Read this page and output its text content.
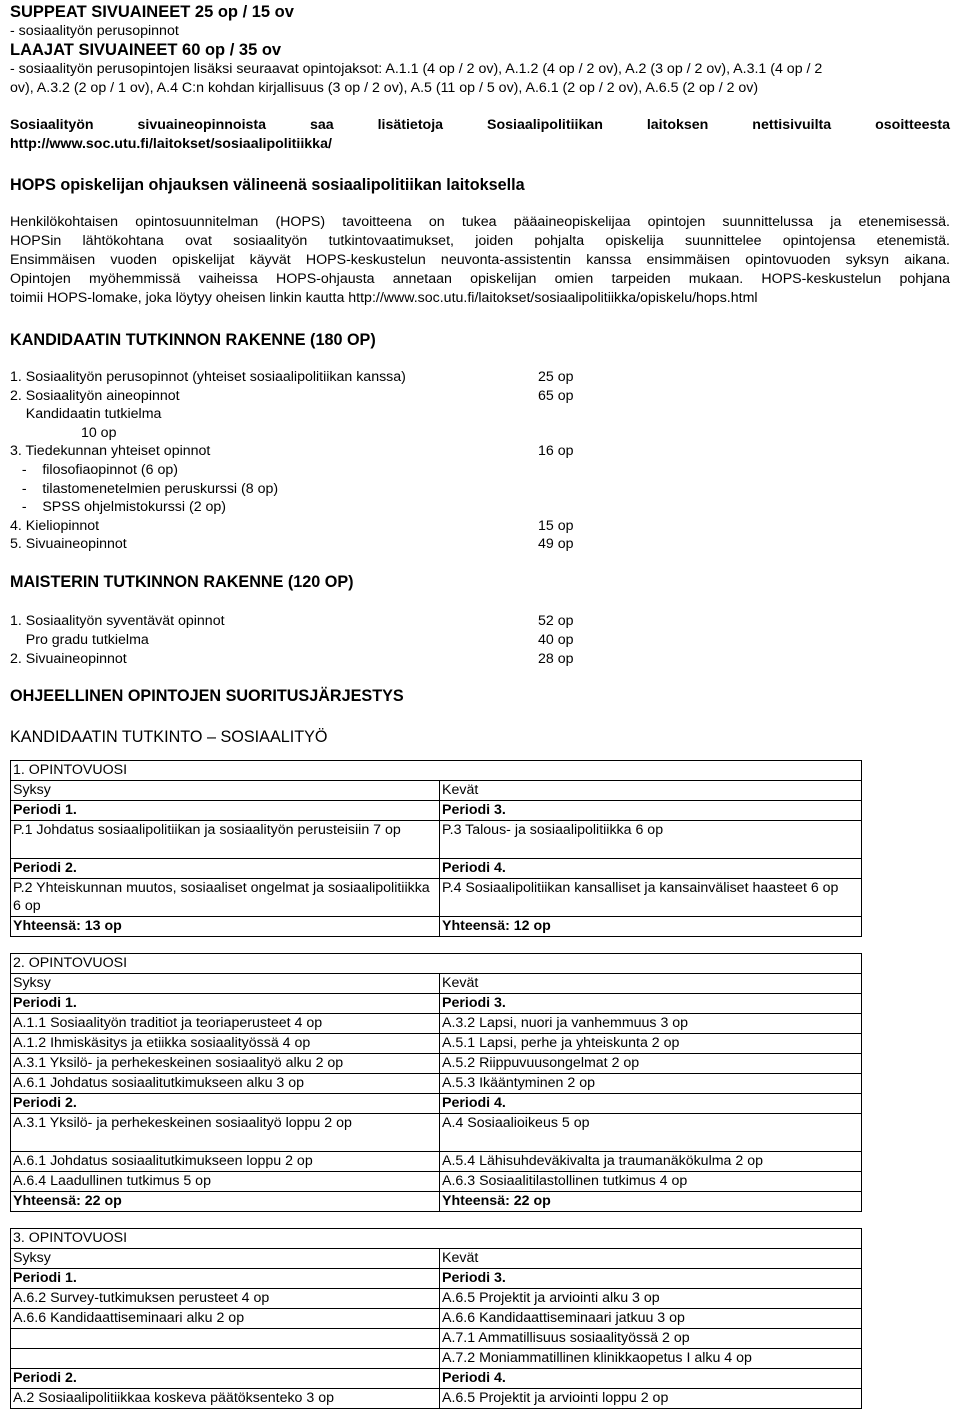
SUPPEAT SIVUAINEET 25 op / 15 ov
- sosiaalityön perusopinnot
LAAJAT SIVUAINEET 60 op / 35 ov
- sosiaalityön perusopintojen lisäksi seuraavat opintojaksot: A.1.1 (4 op / 2 ov), A.1.2 (4 op / 2 ov), A.2 (3 op / 2 ov), A.3.1 (4 op / 2
ov), A.3.2 (2 op / 1 ov), A.4 C:n kohdan kirjallisuus (3 op / 2 ov), A.5 (11 op / 5 ov), A.6.1 (2 op / 2 ov), A.6.5 (2 op / 2 ov)
Sosiaalityön sivuaineopinnoista saa lisätietoja Sosiaalipolitiikan laitoksen nettisivuilta osoitteesta
http://www.soc.utu.fi/laitokset/sosiaalipolitiikka/
HOPS opiskelijan ohjauksen välineenä sosiaalipolitiikan laitoksella
Henkilökohtaisen opintosuunnitelman (HOPS) tavoitteena on tukea pääaineopiskelijaa opintojen suunnittelussa ja etenemisessä.
HOPSin lähtökohtana ovat sosiaalityön tutkintovaatimukset, joiden pohjalta opiskelija suunnittelee opintojensa etenemistä.
Ensimmäisen vuoden opiskelijat käyvät HOPS-keskustelun neuvonta-assistentin kanssa ensimmäisen opintovuoden syksyn aikana.
Opintojen myöhemmissä vaiheissa HOPS-ohjausta annetaan opiskelijan omien tarpeiden mukaan. HOPS-keskustelun pohjana
toimii HOPS-lomake, joka löytyy oheisen linkin kautta http://www.soc.utu.fi/laitokset/sosiaalipolitiikka/opiskelu/hops.html
KANDIDAATIN TUTKINNON RAKENNE (180 OP)
1. Sosiaalityön perusopinnot (yhteiset sosiaalipolitiikan kanssa)	25 op
2. Sosiaalityön aineopinnot	65 op
Kandidaatin tutkielma
10 op
3. Tiedekunnan yhteiset opinnot	16 op
-    filosofiaopinnot (6 op)
-    tilastomenetelmien peruskurssi (8 op)
-    SPSS ohjelmistokurssi (2 op)
4. Kieliopinnot	15 op
5. Sivuaineopinnot	49 op
MAISTERIN TUTKINNON RAKENNE (120 OP)
1. Sosiaalityön syventävät opinnot	52 op
Pro gradu tutkielma	40 op
2. Sivuaineopinnot	28 op
OHJEELLINEN OPINTOJEN SUORITUSJÄRJESTYS
KANDIDAATIN TUTKINTO – SOSIAALITYÖ
1. OPINTOVUOSI	
Syksy	Kevät
Periodi 1.	Periodi 3.
P.1 Johdatus sosiaalipolitiikan ja sosiaalityön perusteisiin 7 op	P.3 Talous- ja sosiaalipolitiikka 6 op
Periodi 2.	Periodi 4.
P.2 Yhteiskunnan muutos, sosiaaliset ongelmat ja sosiaalipolitiikka 6 op	P.4 Sosiaalipolitiikan kansalliset ja kansainväliset haasteet 6 op
Yhteensä: 13 op	Yhteensä: 12 op
2. OPINTOVUOSI	
Syksy	Kevät
Periodi 1.	Periodi 3.
A.1.1 Sosiaalityön traditiot ja teoriaperusteet 4 op	A.3.2 Lapsi, nuori ja vanhemmuus 3 op
A.1.2 Ihmiskäsitys ja etiikka sosiaalityössä 4 op	A.5.1 Lapsi, perhe ja yhteiskunta 2 op
A.3.1 Yksilö- ja perhekeskeinen sosiaalityö alku 2 op	A.5.2 Riippuvuusongelmat 2 op
A.6.1 Johdatus sosiaalitutkimukseen alku 3 op	A.5.3 Ikääntyminen 2 op
Periodi 2.	Periodi 4.
A.3.1 Yksilö- ja perhekeskeinen sosiaalityö loppu 2 op	A.4 Sosiaalioikeus 5 op
A.6.1 Johdatus sosiaalitutkimukseen loppu 2 op	A.5.4 Lähisuhdeväkivalta ja traumanäkökulma 2 op
A.6.4 Laadullinen tutkimus 5 op	A.6.3 Sosiaalitilastollinen tutkimus 4 op
Yhteensä: 22 op	Yhteensä: 22 op
3. OPINTOVUOSI	
Syksy	Kevät
Periodi 1.	Periodi 3.
A.6.2 Survey-tutkimuksen perusteet 4 op	A.6.5 Projektit ja arviointi alku 3 op
A.6.6 Kandidaattiseminaari alku 2 op	A.6.6 Kandidaattiseminaari jatkuu 3 op
	A.7.1 Ammatillisuus sosiaalityössä 2 op
	A.7.2 Moniammatillinen klinikkaopetus I alku 4 op
Periodi 2.	Periodi 4.
A.2 Sosiaalipolitiikkaa koskeva päätöksenteko 3 op	A.6.5 Projektit ja arviointi loppu 2 op
